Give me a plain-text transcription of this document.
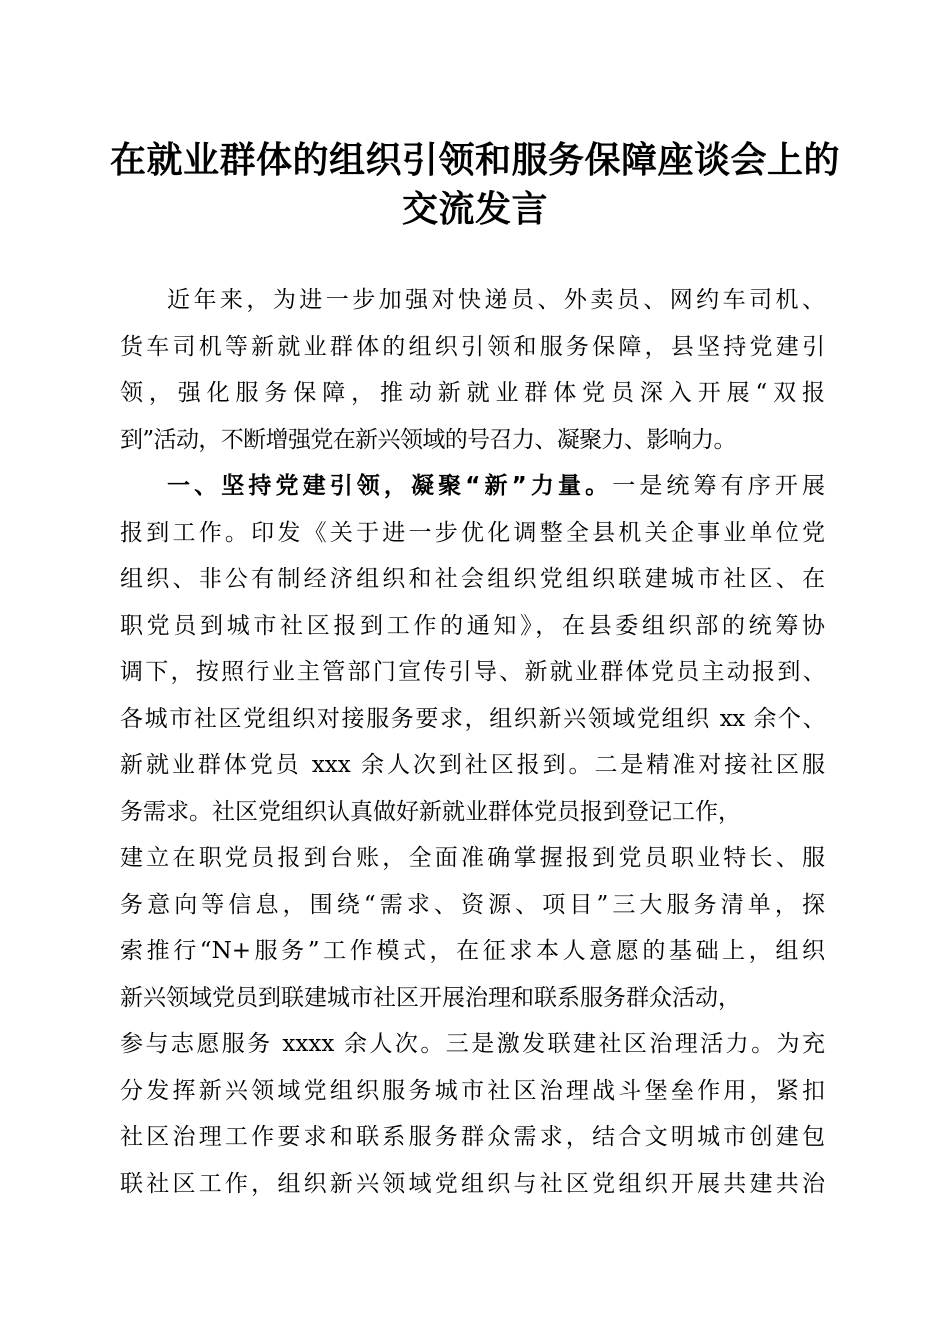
在就业群体的组织引领和服务保障座谈会上的
交流发言
近年来，为进一步加强对快递员、外卖员、网约车司机、
货车司机等新就业群体的组织引领和服务保障，县坚持党建引
领，强化服务保障，推动新就业群体党员深入开展“双报
到”活动，不断增强党在新兴领域的号召力、凝聚力、影响力。
一、坚持党建引领，凝聚“新”力量。一是统筹有序开展
报到工作。印发《关于进一步优化调整全县机关企事业单位党
组织、非公有制经济组织和社会组织党组织联建城市社区、在
职党员到城市社区报到工作的通知》，在县委组织部的统筹协
调下，按照行业主管部门宣传引导、新就业群体党员主动报到、
各城市社区党组织对接服务要求，组织新兴领域党组织 xx 余个、
新就业群体党员 xxx 余人次到社区报到。二是精准对接社区服
务需求。社区党组织认真做好新就业群体党员报到登记工作，
建立在职党员报到台账，全面准确掌握报到党员职业特长、服
务意向等信息，围绕“需求、资源、项目”三大服务清单，探
索推行“N+服务”工作模式，在征求本人意愿的基础上，组织
新兴领域党员到联建城市社区开展治理和联系服务群众活动，
参与志愿服务 xxxx 余人次。三是激发联建社区治理活力。为充
分发挥新兴领域党组织服务城市社区治理战斗堡垒作用，紧扣
社区治理工作要求和联系服务群众需求，结合文明城市创建包
联社区工作，组织新兴领域党组织与社区党组织开展共建共治
